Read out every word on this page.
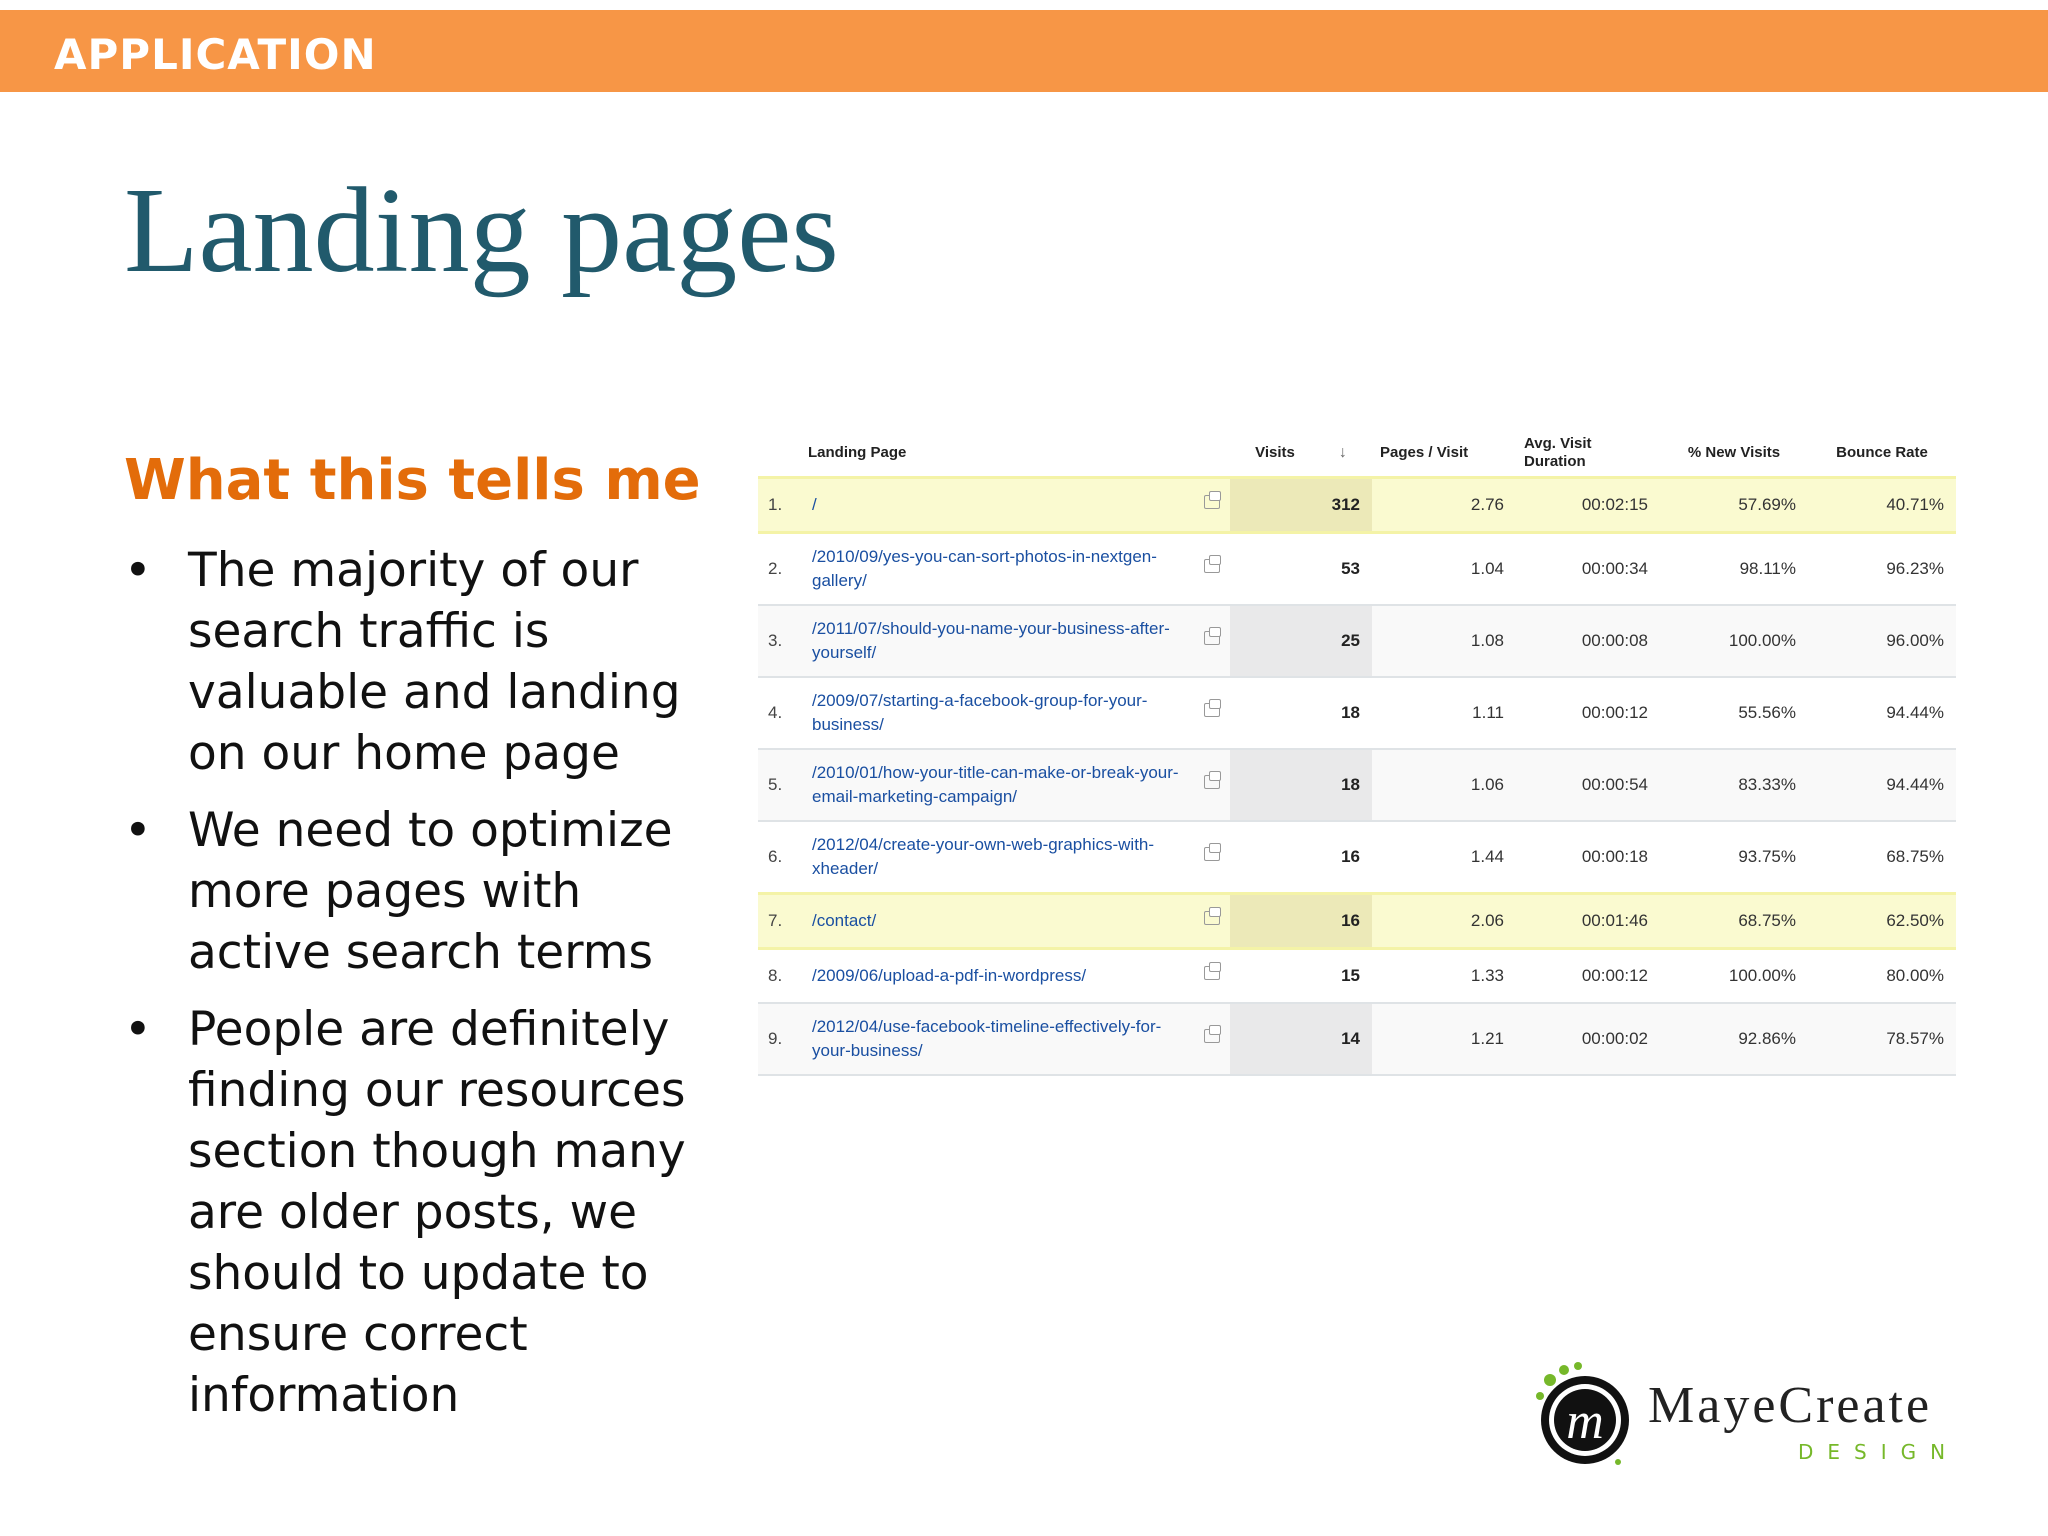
APPLICATION
Landing pages
What this tells me
• The majority of our search traffic is valuable and landing on our home page
• We need to optimize more pages with active search terms
• People are definitely finding our resources section though many are older posts, we should to update to ensure correct information
	Landing Page	Visits ↓	Pages / Visit	Avg. Visit Duration	% New Visits	Bounce Rate
1.	/	312	2.76	00:02:15	57.69%	40.71%
2.	/2010/09/yes-you-can-sort-photos-in-nextgen-gallery/	53	1.04	00:00:34	98.11%	96.23%
3.	/2011/07/should-you-name-your-business-after-yourself/	25	1.08	00:00:08	100.00%	96.00%
4.	/2009/07/starting-a-facebook-group-for-your-business/	18	1.11	00:00:12	55.56%	94.44%
5.	/2010/01/how-your-title-can-make-or-break-your-email-marketing-campaign/	18	1.06	00:00:54	83.33%	94.44%
6.	/2012/04/create-your-own-web-graphics-with-xheader/	16	1.44	00:00:18	93.75%	68.75%
7.	/contact/	16	2.06	00:01:46	68.75%	62.50%
8.	/2009/06/upload-a-pdf-in-wordpress/	15	1.33	00:00:12	100.00%	80.00%
9.	/2012/04/use-facebook-timeline-effectively-for-your-business/	14	1.21	00:00:02	92.86%	78.57%
m MayeCreate
DESIGN
